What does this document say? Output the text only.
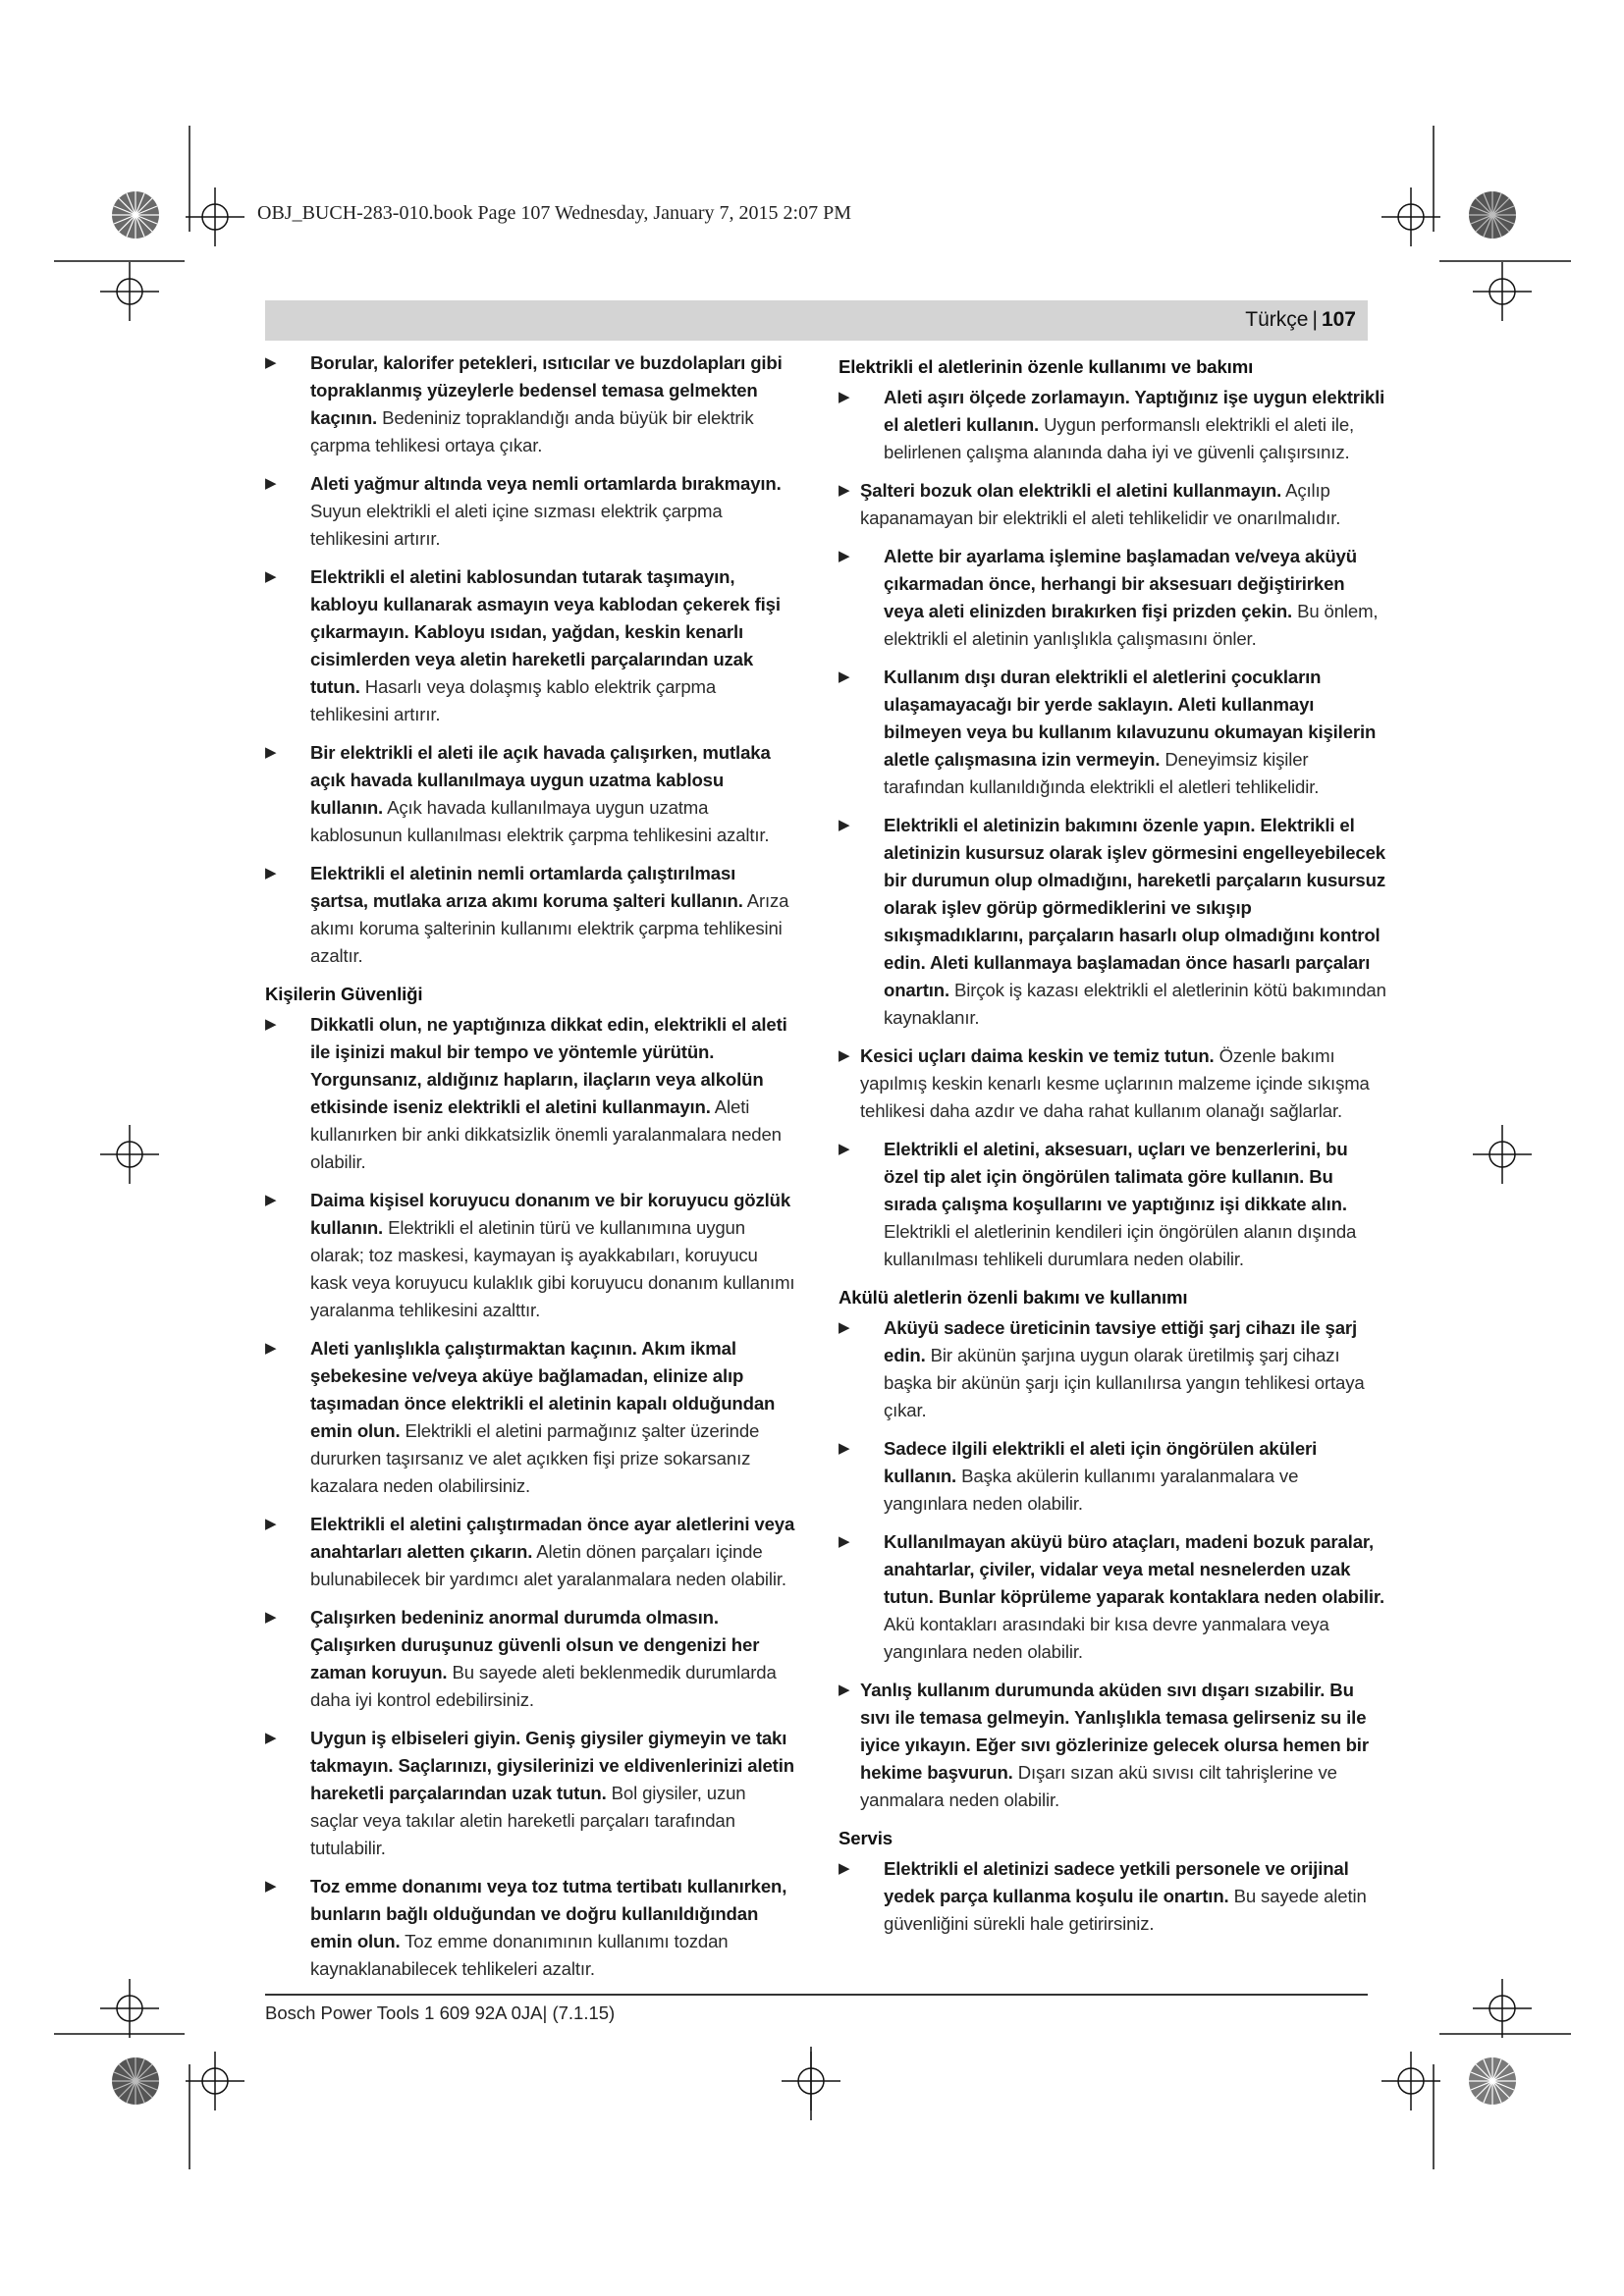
OBJ_BUCH-283-010.book Page 107 Wednesday, January 7, 2015 2:07 PM
Türkçe | 107
▶ Borular, kalorifer petekleri, ısıtıcılar ve buzdolapları gibi topraklanmış yüzeylerle bedensel temasa gelmekten kaçının. Bedeniniz topraklandığı anda büyük bir elektrik çarpma tehlikesi ortaya çıkar.
▶ Aleti yağmur altında veya nemli ortamlarda bırakmayın. Suyun elektrikli el aleti içine sızması elektrik çarpma tehlikesini artırır.
▶ Elektrikli el aletini kablosundan tutarak taşımayın, kabloyu kullanarak asmayın veya kablodan çekerek fişi çıkarmayın. Kabloyu ısıdan, yağdan, keskin kenarlı cisimlerden veya aletin hareketli parçalarından uzak tutun. Hasarlı veya dolaşmış kablo elektrik çarpma tehlikesini artırır.
▶ Bir elektrikli el aleti ile açık havada çalışırken, mutlaka açık havada kullanılmaya uygun uzatma kablosu kullanın. Açık havada kullanılmaya uygun uzatma kablosunun kullanılması elektrik çarpma tehlikesini azaltır.
▶ Elektrikli el aletinin nemli ortamlarda çalıştırılması şartsa, mutlaka arıza akımı koruma şalteri kullanın. Arıza akımı koruma şalterinin kullanımı elektrik çarpma tehlikesini azaltır.
Kişilerin Güvenliği
▶ Dikkatli olun, ne yaptığınıza dikkat edin, elektrikli el aleti ile işinizi makul bir tempo ve yöntemle yürütün. Yorgunsanız, aldığınız hapların, ilaçların veya alkolün etkisinde iseniz elektrikli el aletini kullanmayın. Aleti kullanırken bir anki dikkatsizlik önemli yaralanmalara neden olabilir.
▶ Daima kişisel koruyucu donanım ve bir koruyucu gözlük kullanın. Elektrikli el aletinin türü ve kullanımına uygun olarak; toz maskesi, kaymayan iş ayakkabıları, koruyucu kask veya koruyucu kulaklık gibi koruyucu donanım kullanımı yaralanma tehlikesini azalttır.
▶ Aleti yanlışlıkla çalıştırmaktan kaçının. Akım ikmal şebekesine ve/veya aküye bağlamadan, elinize alıp taşımadan önce elektrikli el aletinin kapalı olduğundan emin olun. Elektrikli el aletini parmağınız şalter üzerinde dururken taşırsanız ve alet açıkken fişi prize sokarsanız kazalara neden olabilirsiniz.
▶ Elektrikli el aletini çalıştırmadan önce ayar aletlerini veya anahtarları aletten çıkarın. Aletin dönen parçaları içinde bulunabilecek bir yardımcı alet yaralanmalara neden olabilir.
▶ Çalışırken bedeniniz anormal durumda olmasın. Çalışırken duruşunuz güvenli olsun ve dengenizi her zaman koruyun. Bu sayede aleti beklenmedik durumlarda daha iyi kontrol edebilirsiniz.
▶ Uygun iş elbiseleri giyin. Geniş giysiler giymeyin ve takı takmayın. Saçlarınızı, giysilerinizi ve eldivenlerinizi aletin hareketli parçalarından uzak tutun. Bol giysiler, uzun saçlar veya takılar aletin hareketli parçaları tarafından tutulabilir.
▶ Toz emme donanımı veya toz tutma tertibatı kullanırken, bunların bağlı olduğundan ve doğru kullanıldığından emin olun. Toz emme donanımının kullanımı tozdan kaynaklanabilecek tehlikeleri azaltır.
Elektrikli el aletlerinin özenle kullanımı ve bakımı
▶ Aleti aşırı ölçede zorlamayın. Yaptığınız işe uygun elektrikli el aletleri kullanın. Uygun performanslı elektrikli el aleti ile, belirlenen çalışma alanında daha iyi ve güvenli çalışırsınız.
▶ Şalteri bozuk olan elektrikli el aletini kullanmayın. Açılıp kapanamayan bir elektrikli el aleti tehlikelidir ve onarılmalıdır.
▶ Alette bir ayarlama işlemine başlamadan ve/veya aküyü çıkarmadan önce, herhangi bir aksesuarı değiştirirken veya aleti elinizden bırakırken fişi prizden çekin. Bu önlem, elektrikli el aletinin yanlışlıkla çalışmasını önler.
▶ Kullanım dışı duran elektrikli el aletlerini çocukların ulaşamayacağı bir yerde saklayın. Aleti kullanmayı bilmeyen veya bu kullanım kılavuzunu okumayan kişilerin aletle çalışmasına izin vermeyin. Deneyimsiz kişiler tarafından kullanıldığında elektrikli el aletleri tehlikelidir.
▶ Elektrikli el aletinizin bakımını özenle yapın. Elektrikli el aletinizin kusursuz olarak işlev görmesini engelleyebilecek bir durumun olup olmadığını, hareketli parçaların kusursuz olarak işlev görüp görmediklerini ve sıkışıp sıkışmadıklarını, parçaların hasarlı olup olmadığını kontrol edin. Aleti kullanmaya başlamadan önce hasarlı parçaları onartın. Birçok iş kazası elektrikli el aletlerinin kötü bakımından kaynaklanır.
▶ Kesici uçları daima keskin ve temiz tutun. Özenle bakımı yapılmış keskin kenarlı kesme uçlarının malzeme içinde sıkışma tehlikesi daha azdır ve daha rahat kullanım olanağı sağlarlar.
▶ Elektrikli el aletini, aksesuarı, uçları ve benzerlerini, bu özel tip alet için öngörülen talimata göre kullanın. Bu sırada çalışma koşullarını ve yaptığınız işi dikkate alın. Elektrikli el aletlerinin kendileri için öngörülen alanın dışında kullanılması tehlikeli durumlara neden olabilir.
Akülü aletlerin özenli bakımı ve kullanımı
▶ Aküyü sadece üreticinin tavsiye ettiği şarj cihazı ile şarj edin. Bir akünün şarjına uygun olarak üretilmiş şarj cihazı başka bir akünün şarjı için kullanılırsa yangın tehlikesi ortaya çıkar.
▶ Sadece ilgili elektrikli el aleti için öngörülen aküleri kullanın. Başka akülerin kullanımı yaralanmalara ve yangınlara neden olabilir.
▶ Kullanılmayan aküyü büro ataçları, madeni bozuk paralar, anahtarlar, çiviler, vidalar veya metal nesnelerden uzak tutun. Bunlar köprüleme yaparak kontaklara neden olabilir. Akü kontakları arasındaki bir kısa devre yanmalara veya yangınlara neden olabilir.
▶ Yanlış kullanım durumunda aküden sıvı dışarı sızabilir. Bu sıvı ile temasa gelmeyin. Yanlışlıkla temasa gelirseniz su ile iyice yıkayın. Eğer sıvı gözlerinize gelecek olursa hemen bir hekime başvurun. Dışarı sızan akü sıvısı cilt tahrişlerine ve yanmalara neden olabilir.
Servis
▶ Elektrikli el aletinizi sadece yetkili personele ve orijinal yedek parça kullanma koşulu ile onartın. Bu sayede aletin güvenliğini sürekli hale getirirsiniz.
Bosch Power Tools 1 609 92A 0JA| (7.1.15)
